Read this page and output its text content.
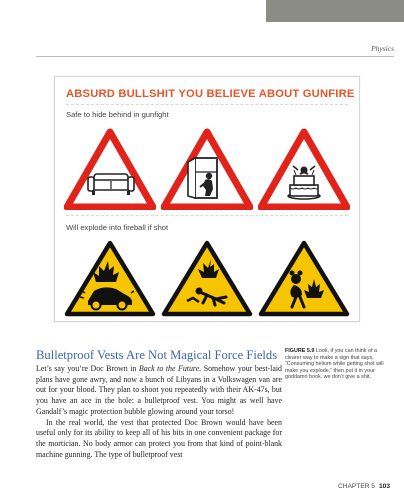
Physics
ABSURD BULLSHIT YOU BELIEVE ABOUT GUNFIRE
Safe to hide behind in gunfight
Will explode into fireball if shot
Bulletproof Vests Are Not Magical Force Fields

Let’s say you’re Doc Brown in Back to the Future. Somehow your best-laid plans have gone awry, and now a bunch of Libyans in a Volkswagen van are out for your blood. They plan to shoot you repeatedly with their AK-47s, but you have an ace in the hole: a bulletproof vest. You might as well have Gandalf’s magic protection bubble glowing around your torso!

In the real world, the vest that protected Doc Brown would have been useful only for its ability to keep all of his bits in one convenient package for the mortician. No body armor can protect you from that kind of point-blank machine gunning. The type of bulletproof vest

FIGURE 5.9 Look, if you can think of a clearer way to make a sign that says, “Consuming helium while getting shot will make you explode,” then put it in your goddamn book, we don’t give a shit.
CHAPTER 5 103
